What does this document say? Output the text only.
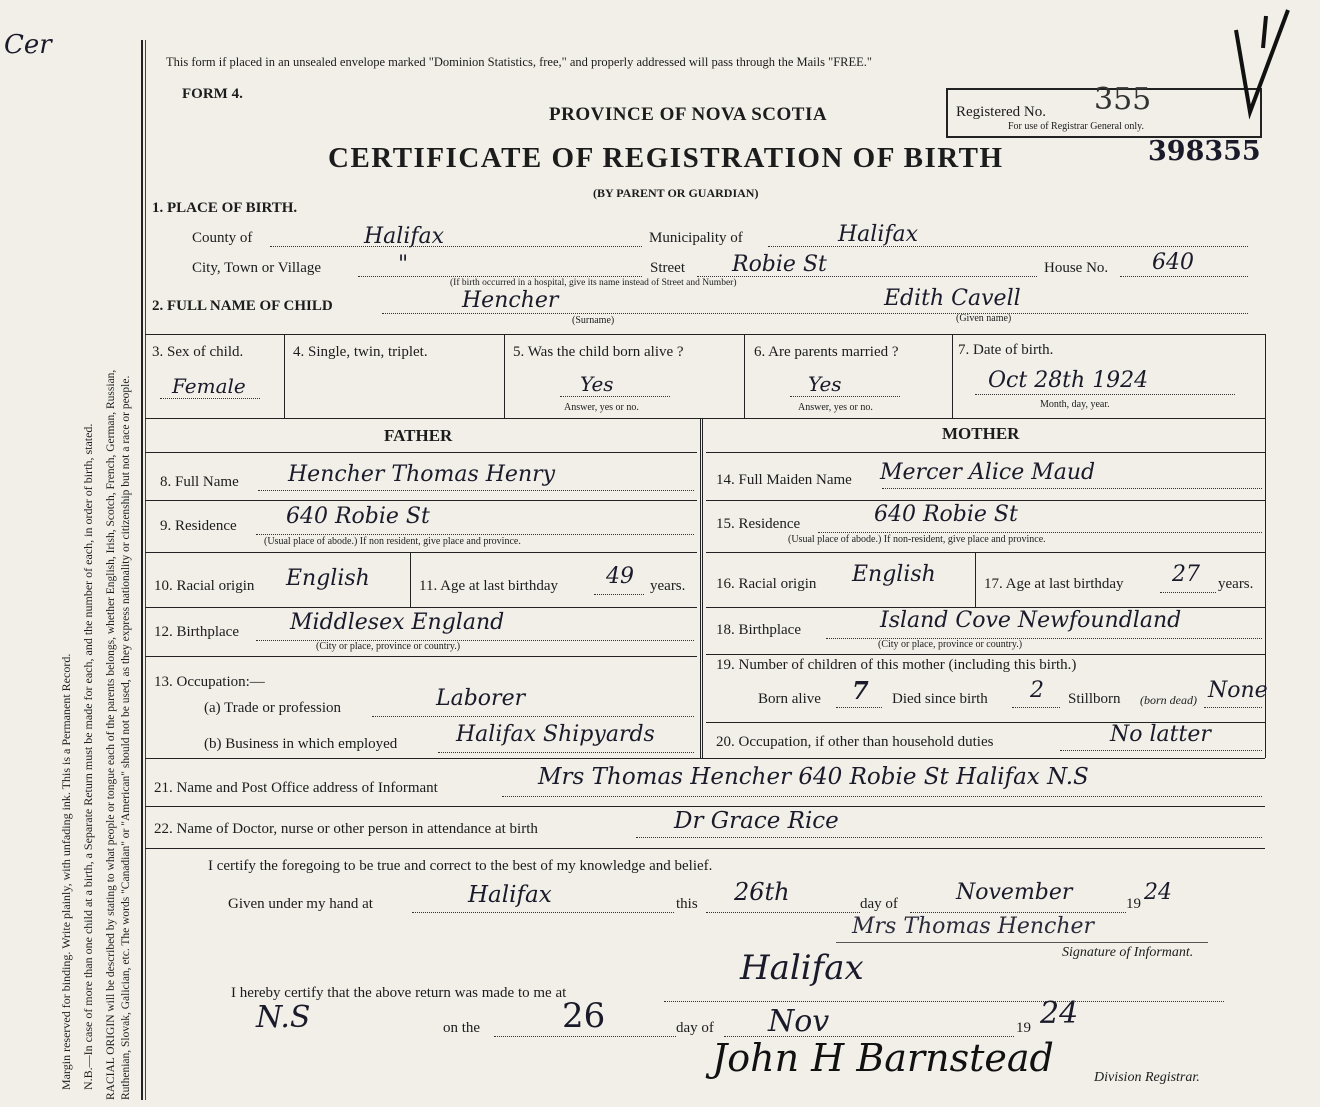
Cer
Margin reserved for binding. Write plainly, with unfading ink. This is a Permanent Record. N.B.—In case of more than one child at a birth, a Separate Return must be made for each, and the number of each, in order of birth, stated. RACIAL ORIGIN will be described by stating to what people or tongue each of the parents belongs, whether English, Irish, Scotch, French, German, Russian, Ruthenian, Slovak, Galician, etc. The words "Canadian" or "American" should not be used, as they express nationality or citizenship but not a race or people.
This form if placed in an unsealed envelope marked "Dominion Statistics, free," and properly addressed will pass through the Mails "FREE."
FORM 4.
PROVINCE OF NOVA SCOTIA
CERTIFICATE OF REGISTRATION OF BIRTH
(BY PARENT OR GUARDIAN)
Registered No. 355
For use of Registrar General only.
398355
1. PLACE OF BIRTH.
County of	Halifax	Municipality of	Halifax
City, Town or Village	"
(If birth occurred in a hospital, give its name instead of Street and Number)
Street Robie St	House No. 640
2. FULL NAME OF CHILD	Hencher
(Surname)
Edith Cavell
(Given name)
3. Sex of child.
Female
4. Single, twin, triplet.	5. Was the child born alive ?
Yes
Answer, yes or no.
6. Are parents married ?
Yes
Answer, yes or no.
7. Date of birth.
Oct 28th 1924
Month, day, year.
FATHER	MOTHER
8. Full Name Hencher Thomas Henry	14. Full Maiden Name Mercer Alice Maud
9. Residence 640 Robie St
(Usual place of abode.) If non resident, give place and province.
15. Residence	640 Robie St
(Usual place of abode.) If non-resident, give place and province.
10. Racial origin English	11. Age at last birthday 49 years. 16. Racial origin English	17. Age at last birthday 27 years.
12. Birthplace Middlesex England
(City or place, province or country.)
18. Birthplace	Island Cove Newfoundland
(City or place, province or country.)
13. Occupation:—
(a) Trade or profession	Laborer
(b) Business in which employed	Halifax Shipyards
19. Number of children of this mother (including this birth.)
Born alive 7 Died since birth 2 Stillborn (born dead) None
20. Occupation, if other than household duties	No latter
21. Name and Post Office address of Informant	Mrs Thomas Hencher 640 Robie St Halifax N.S
22. Name of Doctor, nurse or other person in attendance at birth	Dr Grace Rice
I certify the foregoing to be true and correct to the best of my knowledge and belief.
Given under my hand at	Halifax	this 26th	day of	November	19 24
Mrs Thomas Hencher
Signature of Informant.
Halifax
I hereby certify that the above return was made to me at
N.S	on the 26	day of Nov	19 24
John H Barnstead	Division Registrar.
